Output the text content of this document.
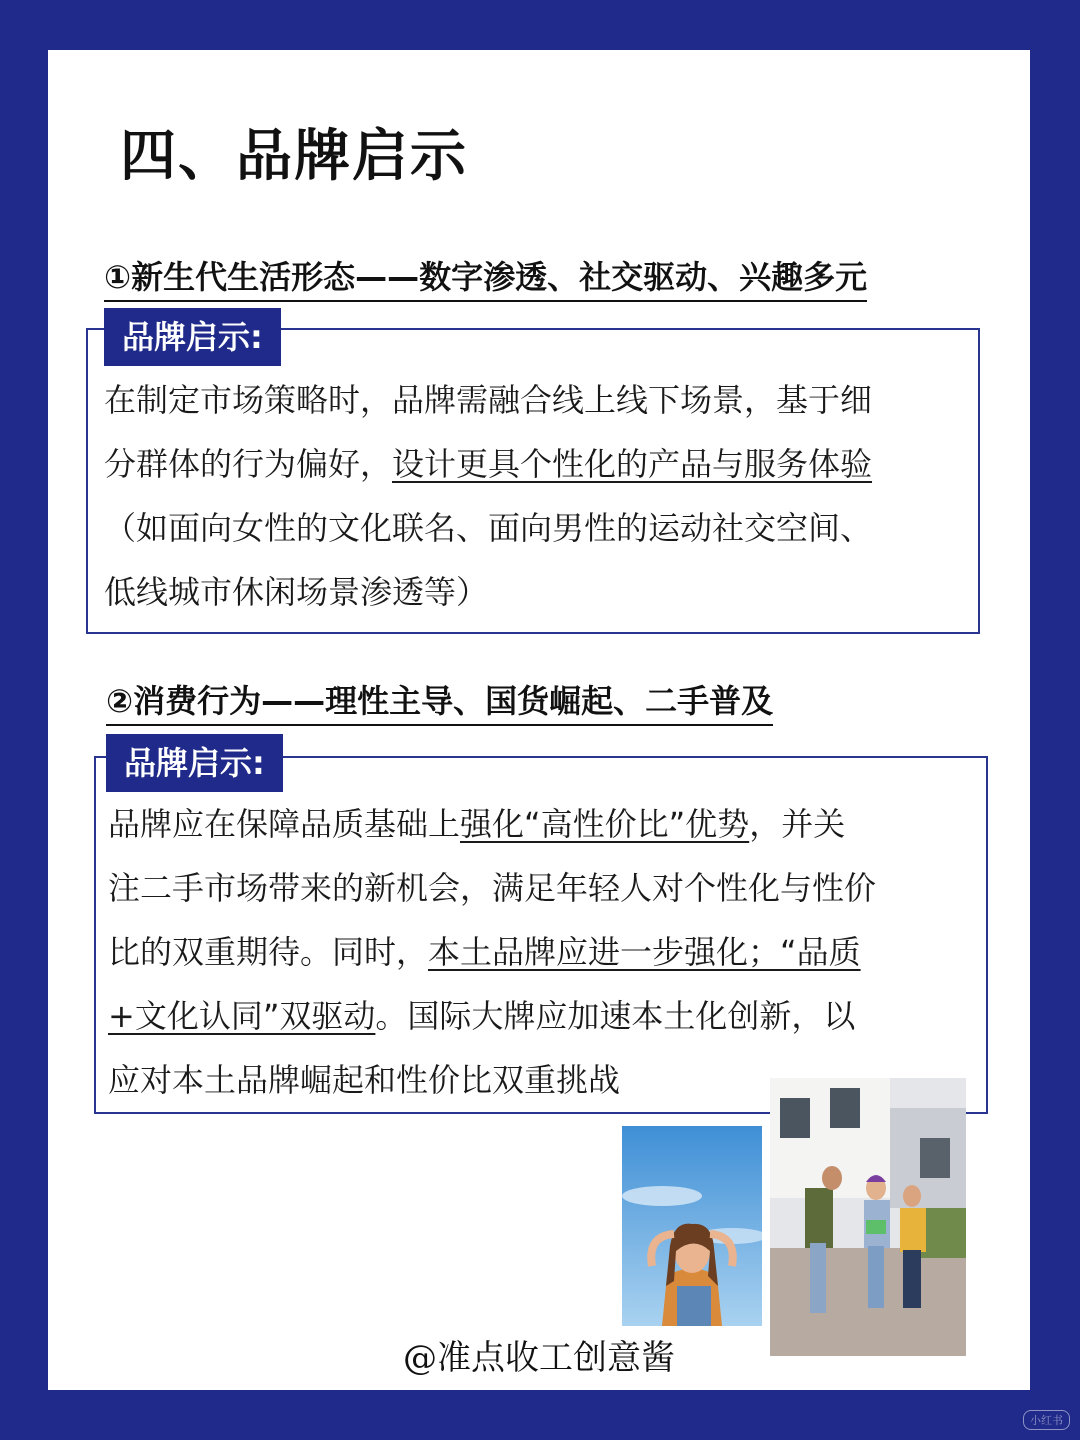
四、品牌启示
①新生代生活形态——数字渗透、社交驱动、兴趣多元
品牌启示:
在制定市场策略时，品牌需融合线上线下场景，基于细
分群体的行为偏好，设计更具个性化的产品与服务体验
（如面向女性的文化联名、面向男性的运动社交空间、
低线城市休闲场景渗透等）
②消费行为——理性主导、国货崛起、二手普及
品牌启示:
品牌应在保障品质基础上强化“高性价比”优势，并关
注二手市场带来的新机会，满足年轻人对个性化与性价
比的双重期待。同时，本土品牌应进一步强化；“品质
+文化认同”双驱动。国际大牌应加速本土化创新，以
应对本土品牌崛起和性价比双重挑战
@准点收工创意酱
小红书
